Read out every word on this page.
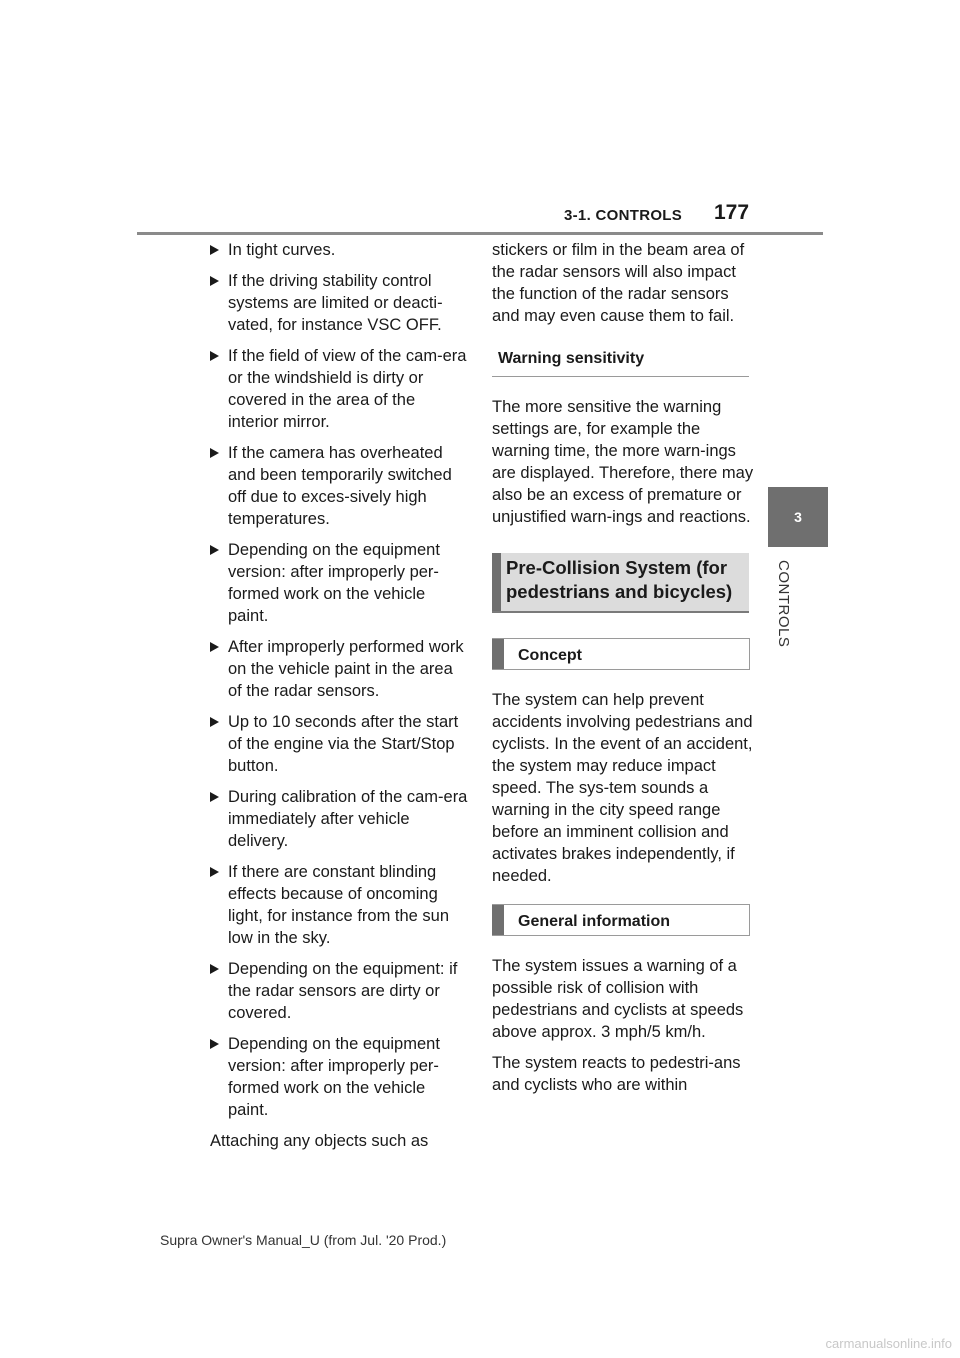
3-1. CONTROLS 177
3
CONTROLS
In tight curves.
If the driving stability control systems are limited or deacti-vated, for instance VSC OFF.
If the field of view of the cam-era or the windshield is dirty or covered in the area of the interior mirror.
If the camera has overheated and been temporarily switched off due to exces-sively high temperatures.
Depending on the equipment version: after improperly per-formed work on the vehicle paint.
After improperly performed work on the vehicle paint in the area of the radar sensors.
Up to 10 seconds after the start of the engine via the Start/Stop button.
During calibration of the cam-era immediately after vehicle delivery.
If there are constant blinding effects because of oncoming light, for instance from the sun low in the sky.
Depending on the equipment: if the radar sensors are dirty or covered.
Depending on the equipment version: after improperly per-formed work on the vehicle paint.

Attaching any objects such as

stickers or film in the beam area of the radar sensors will also impact the function of the radar sensors and may even cause them to fail.

Warning sensitivity

The more sensitive the warning settings are, for example the warning time, the more warn-ings are displayed. Therefore, there may also be an excess of premature or unjustified warn-ings and reactions.

Pre-Collision System (for pedestrians and bicycles)
Concept

The system can help prevent accidents involving pedestrians and cyclists. In the event of an accident, the system may reduce impact speed. The sys-tem sounds a warning in the city speed range before an imminent collision and activates brakes independently, if needed.

General information

The system issues a warning of a possible risk of collision with pedestrians and cyclists at speeds above approx. 3 mph/5 km/h.

The system reacts to pedestri-ans and cyclists who are within

Supra Owner's Manual_U (from Jul. '20 Prod.)
carmanualsonline.info
